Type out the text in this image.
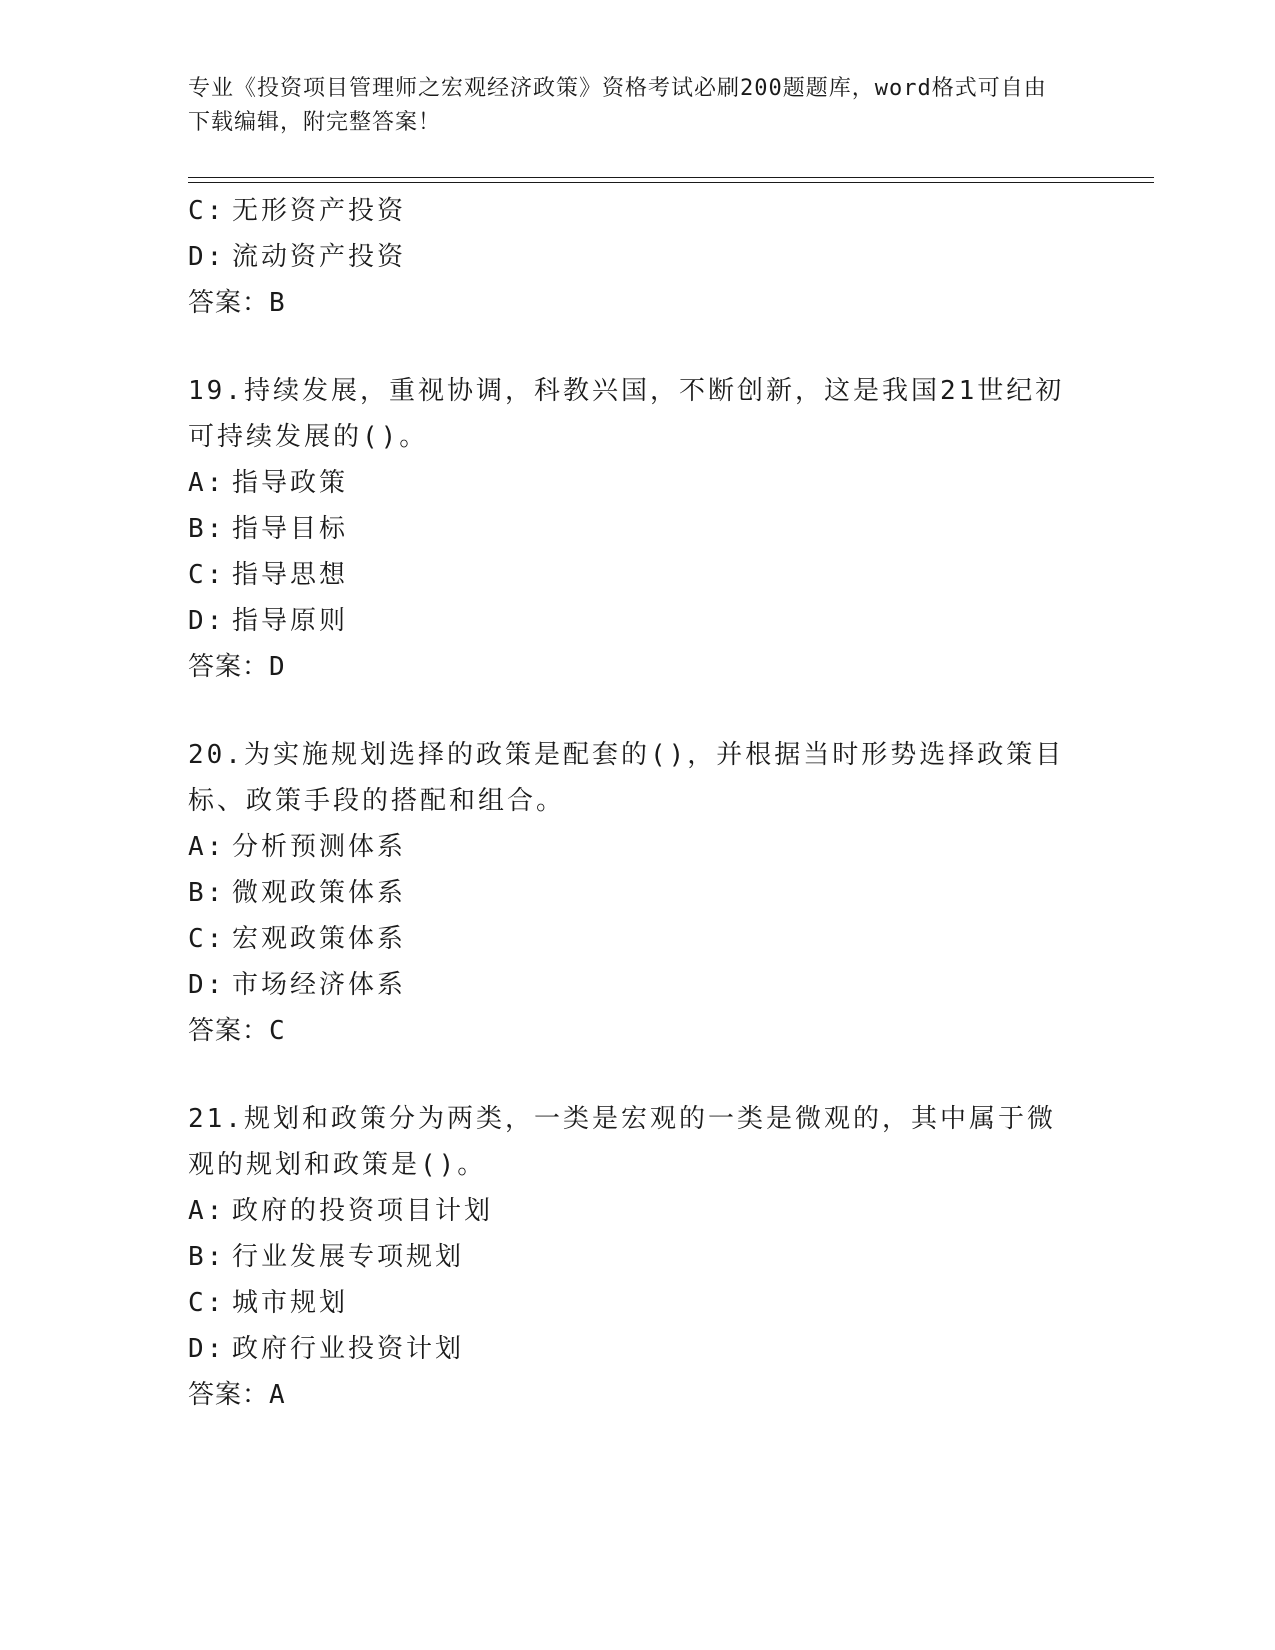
专业《投资项目管理师之宏观经济政策》资格考试必刷200题题库，word格式可自由下载编辑，附完整答案！
C: 无形资产投资
D: 流动资产投资
答案：B
19.持续发展，重视协调，科教兴国，不断创新，这是我国21世纪初可持续发展的()。
A: 指导政策
B: 指导目标
C: 指导思想
D: 指导原则
答案：D
20.为实施规划选择的政策是配套的()，并根据当时形势选择政策目标、政策手段的搭配和组合。
A: 分析预测体系
B: 微观政策体系
C: 宏观政策体系
D: 市场经济体系
答案：C
21.规划和政策分为两类，一类是宏观的一类是微观的，其中属于微观的规划和政策是()。
A: 政府的投资项目计划
B: 行业发展专项规划
C: 城市规划
D: 政府行业投资计划
答案：A
